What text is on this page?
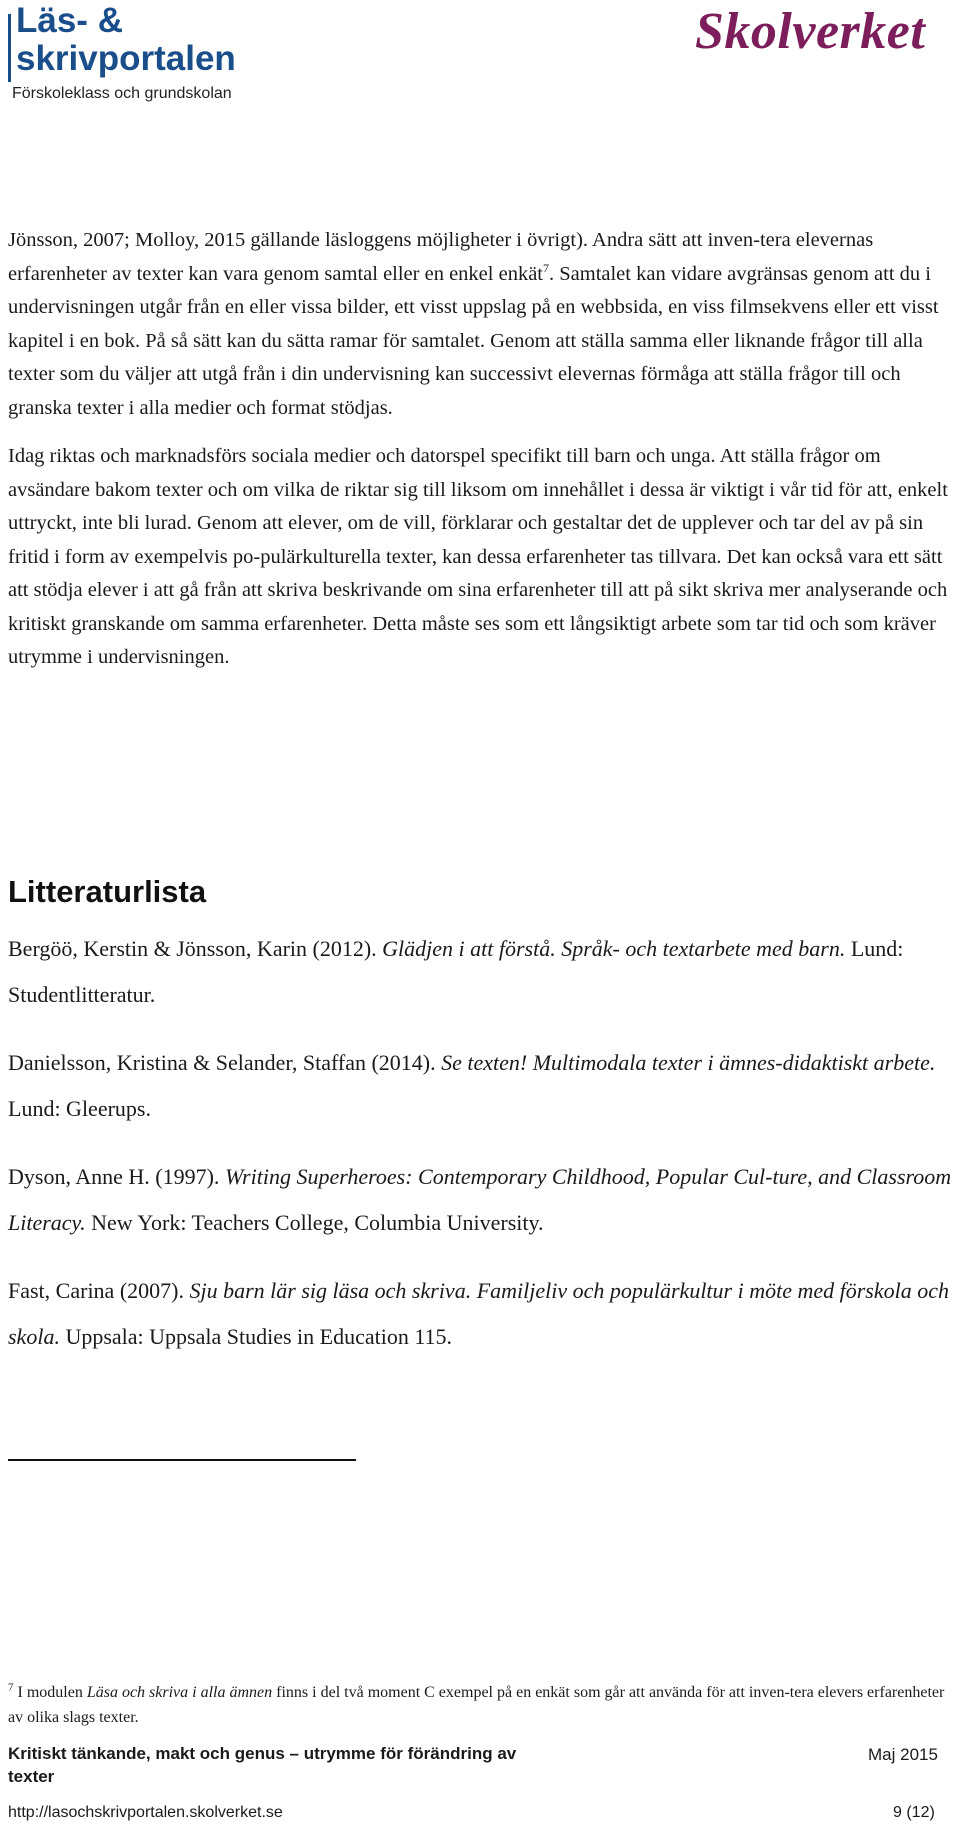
Läs- &
skrivportalen
Förskoleklass och grundskolan
Skolverket

Jönsson, 2007; Molloy, 2015 gällande läsloggens möjligheter i övrigt). Andra sätt att inven-tera elevernas erfarenheter av texter kan vara genom samtal eller en enkel enkät$^7$. Samtalet kan vidare avgränsas genom att du i undervisningen utgår från en eller vissa bilder, ett visst uppslag på en webbsida, en viss filmsekvens eller ett visst kapitel i en bok. På så sätt kan du sätta ramar för samtalet. Genom att ställa samma eller liknande frågor till alla texter som du väljer att utgå från i din undervisning kan successivt elevernas förmåga att ställa frågor till och granska texter i alla medier och format stödjas.

Idag riktas och marknadsförs sociala medier och datorspel specifikt till barn och unga. Att ställa frågor om avsändare bakom texter och om vilka de riktar sig till liksom om innehållet i dessa är viktigt i vår tid för att, enkelt uttryckt, inte bli lurad. Genom att elever, om de vill, förklarar och gestaltar det de upplever och tar del av på sin fritid i form av exempelvis po-pulärkulturella texter, kan dessa erfarenheter tas tillvara. Det kan också vara ett sätt att stödja elever i att gå från att skriva beskrivande om sina erfarenheter till att på sikt skriva mer analyserande och kritiskt granskande om samma erfarenheter. Detta måste ses som ett långsiktigt arbete som tar tid och som kräver utrymme i undervisningen.

Litteraturlista
Bergöö, Kerstin & Jönsson, Karin (2012). Glädjen i att förstå. Språk- och textarbete med barn. Lund: Studentlitteratur.
Danielsson, Kristina & Selander, Staffan (2014). Se texten! Multimodala texter i ämnes-didaktiskt arbete. Lund: Gleerups.
Dyson, Anne H. (1997). Writing Superheroes: Contemporary Childhood, Popular Cul-ture, and Classroom Literacy. New York: Teachers College, Columbia University.
Fast, Carina (2007). Sju barn lär sig läsa och skriva. Familjeliv och populärkultur i möte med förskola och skola. Uppsala: Uppsala Studies in Education 115.
$^7$ I modulen Läsa och skriva i alla ämnen finns i del två moment C exempel på en enkät som går att använda för att inven-tera elevers erfarenheter av olika slags texter.
Kritiskt tänkande, makt och genus – utrymme för förändring av texter
Maj 2015
http://lasochskrivportalen.skolverket.se	9 (12)
